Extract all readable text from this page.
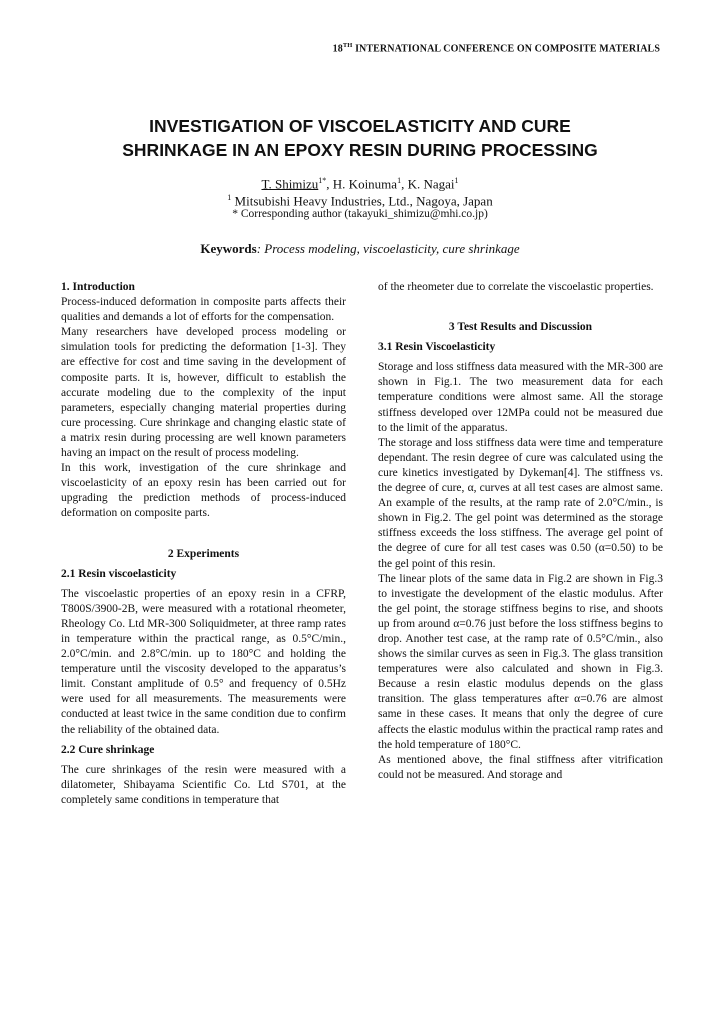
18TH INTERNATIONAL CONFERENCE ON COMPOSITE MATERIALS
INVESTIGATION OF VISCOELASTICITY AND CURE
SHRINKAGE IN AN EPOXY RESIN DURING PROCESSING
T. Shimizu$^{1*}$, H. Koinuma$^1$, K. Nagai$^1$
$^1$ Mitsubishi Heavy Industries, Ltd., Nagoya, Japan
* Corresponding author (takayuki_shimizu@mhi.co.jp)
Keywords: Process modeling, viscoelasticity, cure shrinkage

1. Introduction

Process-induced deformation in composite parts affects their qualities and demands a lot of efforts for the compensation.

Many researchers have developed process modeling or simulation tools for predicting the deformation [1-3]. They are effective for cost and time saving in the development of composite parts. It is, however, difficult to establish the accurate modeling due to the complexity of the input parameters, especially changing material properties during cure processing. Cure shrinkage and changing elastic state of a matrix resin during processing are well known parameters having an impact on the result of process modeling.

In this work, investigation of the cure shrinkage and viscoelasticity of an epoxy resin has been carried out for upgrading the prediction methods of process-induced deformation on composite parts.

2 Experiments

2.1 Resin viscoelasticity

The viscoelastic properties of an epoxy resin in a CFRP, T800S/3900-2B, were measured with a rotational rheometer, Rheology Co. Ltd MR-300 Soliquidmeter, at three ramp rates in temperature within the practical range, as 0.5°C/min., 2.0°C/min. and 2.8°C/min. up to 180°C and holding the temperature until the viscosity developed to the apparatus’s limit. Constant amplitude of 0.5° and frequency of 0.5Hz were used for all measurements. The measurements were conducted at least twice in the same condition due to confirm the reliability of the obtained data.

2.2 Cure shrinkage

The cure shrinkages of the resin were measured with a dilatometer, Shibayama Scientific Co. Ltd S701, at the completely same conditions in temperature that

of the rheometer due to correlate the viscoelastic properties.

3 Test Results and Discussion

3.1 Resin Viscoelasticity

Storage and loss stiffness data measured with the MR-300 are shown in Fig.1. The two measurement data for each temperature conditions were almost same. All the storage stiffness developed over 12MPa could not be measured due to the limit of the apparatus.

The storage and loss stiffness data were time and temperature dependant. The resin degree of cure was calculated using the cure kinetics investigated by Dykeman[4]. The stiffness vs. the degree of cure, α, curves at all test cases are almost same. An example of the results, at the ramp rate of 2.0°C/min., is shown in Fig.2. The gel point was determined as the storage stiffness exceeds the loss stiffness. The average gel point of the degree of cure for all test cases was 0.50 (α=0.50) to be the gel point of this resin.

The linear plots of the same data in Fig.2 are shown in Fig.3 to investigate the development of the elastic modulus. After the gel point, the storage stiffness begins to rise, and shoots up from around α=0.76 just before the loss stiffness begins to drop. Another test case, at the ramp rate of 0.5°C/min., also shows the similar curves as seen in Fig.3. The glass transition temperatures were also calculated and shown in Fig.3. Because a resin elastic modulus depends on the glass transition. The glass temperatures after α=0.76 are almost same in these cases. It means that only the degree of cure affects the elastic modulus within the practical ramp rates and the hold temperature of 180°C.

As mentioned above, the final stiffness after vitrification could not be measured. And storage and
